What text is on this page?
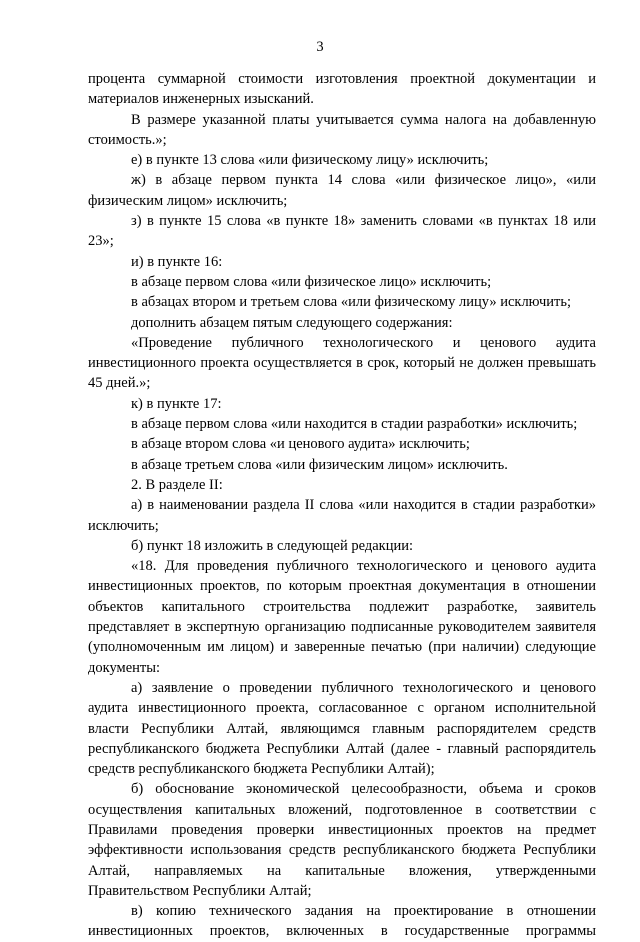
3

процента суммарной стоимости изготовления проектной документации и материалов инженерных изысканий.

В размере указанной платы учитывается сумма налога на добавленную стоимость.»;

е) в пункте 13 слова «или физическому лицу» исключить;

ж) в абзаце первом пункта 14 слова «или физическое лицо», «или физическим лицом» исключить;

з) в пункте 15 слова «в пункте 18» заменить словами «в пунктах 18 или 23»;

и) в пункте 16:

в абзаце первом слова «или физическое лицо» исключить;

в абзацах втором и третьем слова «или физическому лицу» исключить;

дополнить абзацем пятым следующего содержания:

«Проведение публичного технологического и ценового аудита инвестиционного проекта осуществляется в срок, который не должен превышать 45 дней.»;

к) в пункте 17:

в абзаце первом слова «или находится в стадии разработки» исключить;

в абзаце втором слова «и ценового аудита» исключить;

в абзаце третьем слова «или физическим лицом» исключить.

2. В разделе II:

а) в наименовании раздела II слова «или находится в стадии разработки» исключить;

б) пункт 18 изложить в следующей редакции:

«18. Для проведения публичного технологического и ценового аудита инвестиционных проектов, по которым проектная документация в отношении объектов капитального строительства подлежит разработке, заявитель представляет в экспертную организацию подписанные руководителем заявителя (уполномоченным им лицом) и заверенные печатью (при наличии) следующие документы:

а) заявление о проведении публичного технологического и ценового аудита инвестиционного проекта, согласованное с органом исполнительной власти Республики Алтай, являющимся главным распорядителем средств республиканского бюджета Республики Алтай (далее - главный распорядитель средств республиканского бюджета Республики Алтай);

б) обоснование экономической целесообразности, объема и сроков осуществления капитальных вложений, подготовленное в соответствии с Правилами проведения проверки инвестиционных проектов на предмет эффективности использования средств республиканского бюджета Республики Алтай, направляемых на капитальные вложения, утвержденными Правительством Республики Алтай;

в) копию технического задания на проектирование в отношении инвестиционных проектов, включенных в государственные программы
